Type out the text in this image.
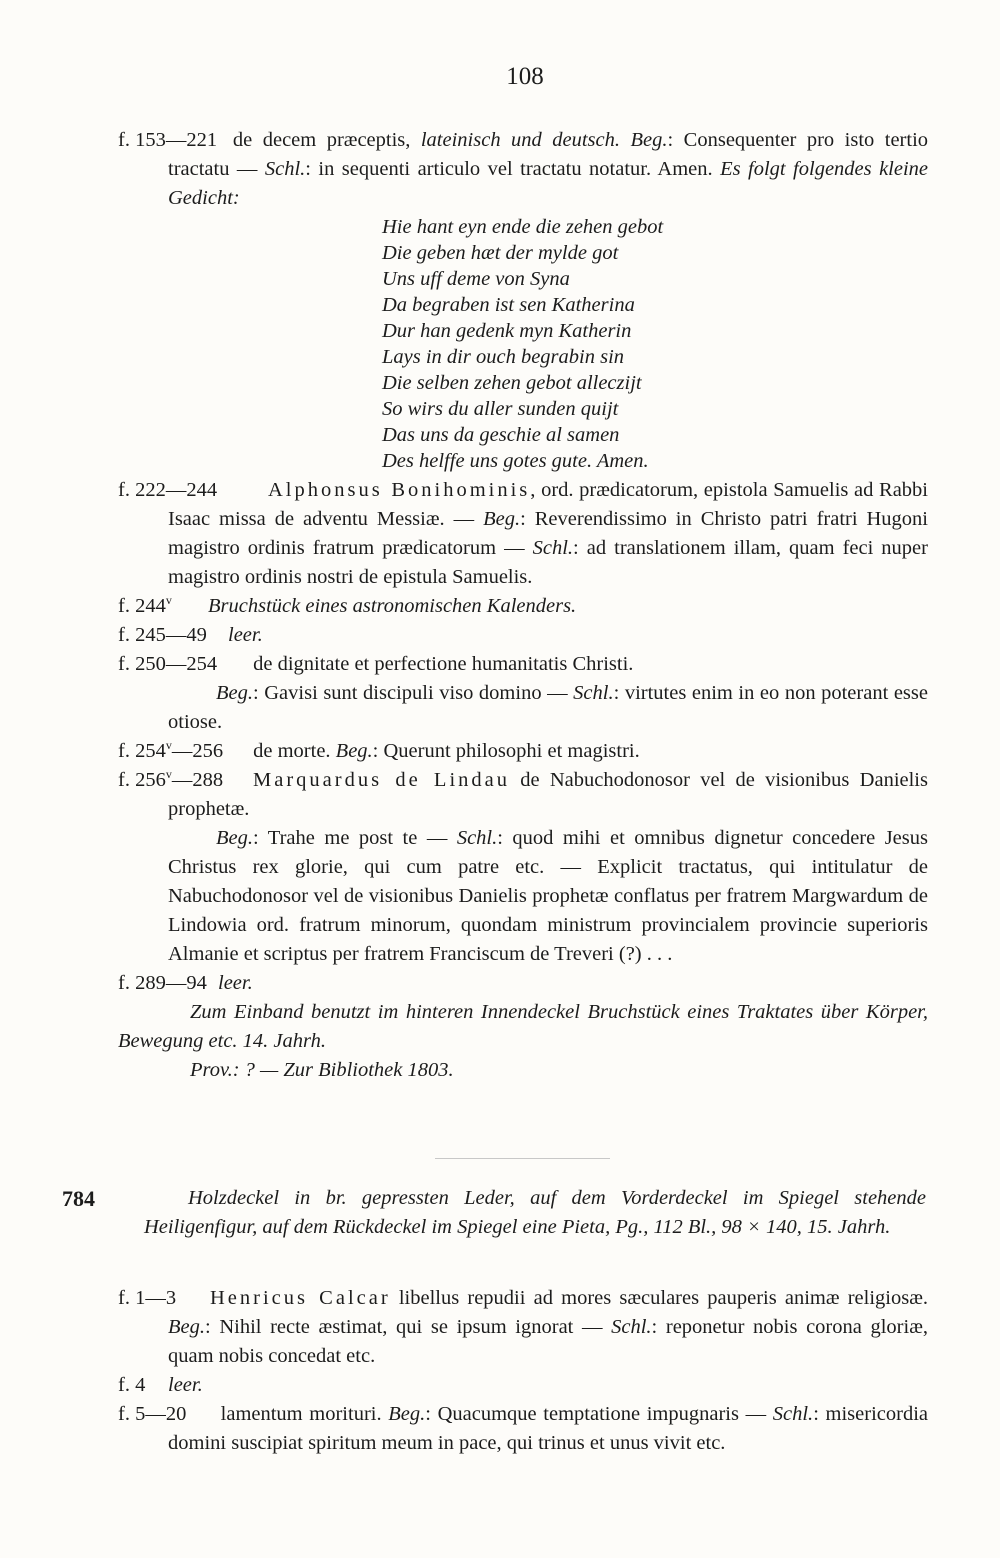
108
f. 153—221 de decem præceptis, lateinisch und deutsch. Beg.: Consequenter pro isto tertio tractatu — Schl.: in sequenti articulo vel tractatu notatur. Amen. Es folgt folgendes kleine Gedicht:
Hie hant eyn ende die zehen gebot
Die geben hæt der mylde got
Uns uff deme von Syna
Da begraben ist sen Katherina
Dur han gedenk myn Katherin
Lays in dir ouch begrabin sin
Die selben zehen gebot alleczijt
So wirs du aller sunden quijt
Das uns da geschie al samen
Des helffe uns gotes gute. Amen.
f. 222—244 Alphonsus Bonihominis, ord. prædicatorum, epistola Samuelis ad Rabbi Isaac missa de adventu Messiæ. — Beg.: Reverendissimo in Christo patri fratri Hugoni magistro ordinis fratrum prædicatorum — Schl.: ad translationem illam, quam feci nuper magistro ordinis nostri de epistula Samuelis.
f. 244$^v$ Bruchstück eines astronomischen Kalenders.
f. 245—49 leer.
f. 250—254 de dignitate et perfectione humanitatis Christi.
Beg.: Gavisi sunt discipuli viso domino — Schl.: virtutes enim in eo non poterant esse otiose.
f. 254$^v$—256 de morte. Beg.: Querunt philosophi et magistri.
f. 256$^v$—288 Marquardus de Lindau de Nabuchodonosor vel de visionibus Danielis prophetæ.
Beg.: Trahe me post te — Schl.: quod mihi et omnibus dignetur concedere Jesus Christus rex glorie, qui cum patre etc. — Explicit tractatus, qui intitulatur de Nabuchodonosor vel de visionibus Danielis prophetæ conflatus per fratrem Margwardum de Lindowia ord. fratrum minorum, quondam ministrum provincialem provincie superioris Almanie et scriptus per fratrem Franciscum de Treveri (?) . . .
f. 289—94 leer.
Zum Einband benutzt im hinteren Innendeckel Bruchstück eines Traktates über Körper, Bewegung etc. 14. Jahrh.
Prov.: ? — Zur Bibliothek 1803.
784	Holzdeckel in br. gepressten Leder, auf dem Vorderdeckel im Spiegel stehende Heiligenfigur, auf dem Rückdeckel im Spiegel eine Pieta, Pg., 112 Bl., 98 × 140, 15. Jahrh.
f. 1—3 Henricus Calcar libellus repudii ad mores sæculares pauperis animæ religiosæ. Beg.: Nihil recte æstimat, qui se ipsum ignorat — Schl.: reponetur nobis corona gloriæ, quam nobis concedat etc.
f. 4 leer.
f. 5—20 lamentum morituri. Beg.: Quacumque temptatione impugnaris — Schl.: misericordia domini suscipiat spiritum meum in pace, qui trinus et unus vivit etc.
